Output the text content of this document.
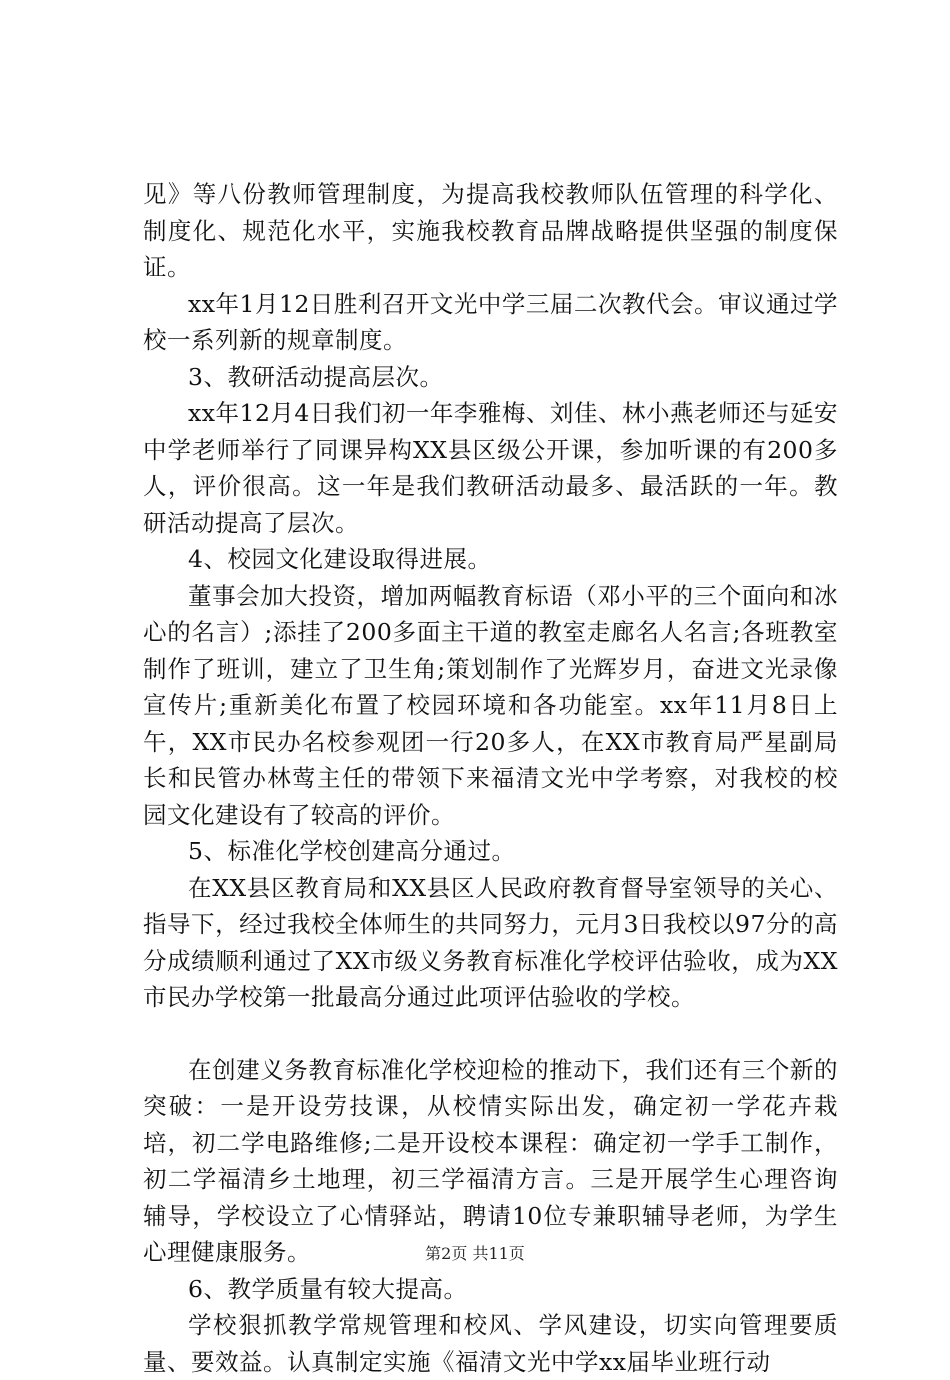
见》等八份教师管理制度，为提高我校教师队伍管理的科学化、制度化、规范化水平，实施我校教育品牌战略提供坚强的制度保证。

xx年1月12日胜利召开文光中学三届二次教代会。审议通过学校一系列新的规章制度。

3、教研活动提高层次。

xx年12月4日我们初一年李雅梅、刘佳、林小燕老师还与延安中学老师举行了同课异构XX县区级公开课，参加听课的有200多人，评价很高。这一年是我们教研活动最多、最活跃的一年。教研活动提高了层次。

4、校园文化建设取得进展。

董事会加大投资，增加两幅教育标语（邓小平的三个面向和冰心的名言）;添挂了200多面主干道的教室走廊名人名言;各班教室制作了班训，建立了卫生角;策划制作了光辉岁月，奋进文光录像宣传片;重新美化布置了校园环境和各功能室。xx年11月8日上午，XX市民办名校参观团一行20多人，在XX市教育局严星副局长和民管办林莺主任的带领下来福清文光中学考察，对我校的校园文化建设有了较高的评价。

5、标准化学校创建高分通过。

在XX县区教育局和XX县区人民政府教育督导室领导的关心、指导下，经过我校全体师生的共同努力，元月3日我校以97分的高分成绩顺利通过了XX市级义务教育标准化学校评估验收，成为XX市民办学校第一批最高分通过此项评估验收的学校。

在创建义务教育标准化学校迎检的推动下，我们还有三个新的突破：一是开设劳技课，从校情实际出发，确定初一学花卉栽培，初二学电路维修;二是开设校本课程：确定初一学手工制作，初二学福清乡土地理，初三学福清方言。三是开展学生心理咨询辅导，学校设立了心情驿站，聘请10位专兼职辅导老师，为学生心理健康服务。

6、教学质量有较大提高。

学校狠抓教学常规管理和校风、学风建设，切实向管理要质量、要效益。认真制定实施《福清文光中学xx届毕业班行动

第2页 共11页
